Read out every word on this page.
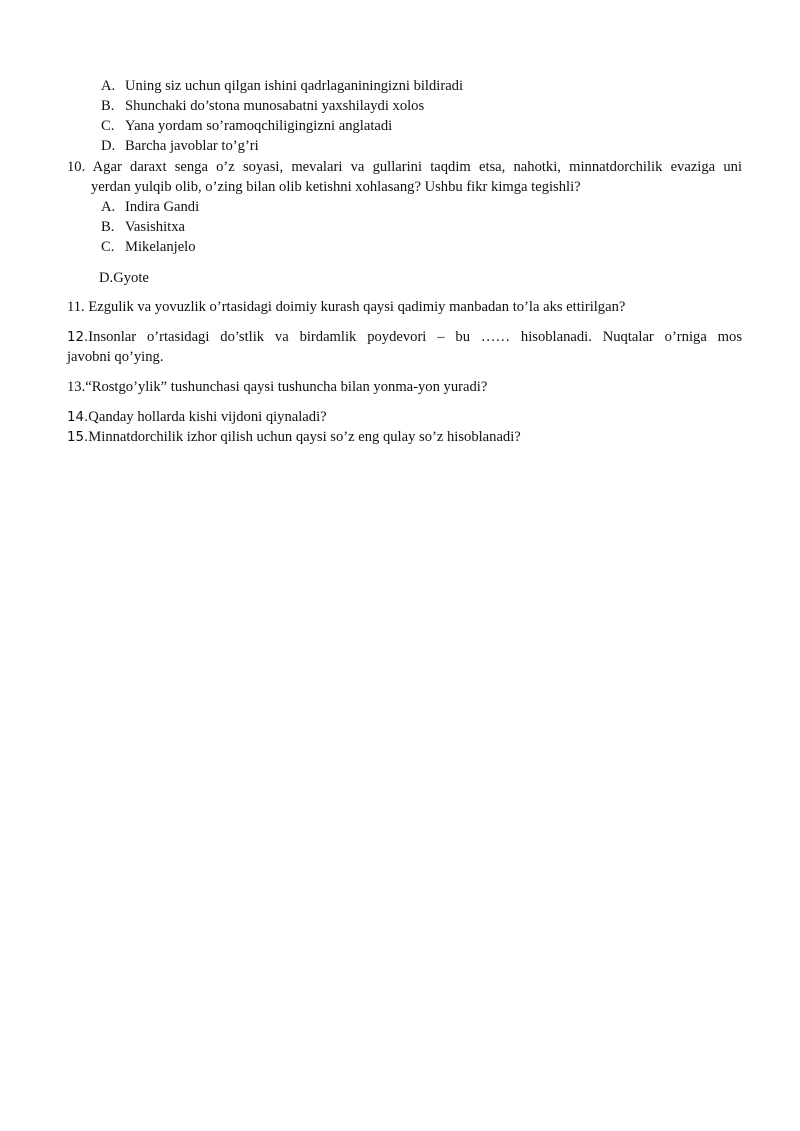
A. Uning siz uchun qilgan ishini qadrlaganiningizni bildiradi
B. Shunchaki do’stona munosabatni yaxshilaydi xolos
C. Yana yordam so’ramoqchiligingizni anglatadi
D. Barcha javoblar to’g’ri
10. Agar daraxt senga o’z soyasi, mevalari va gullarini taqdim etsa, nahotki, minnatdorchilik evaziga uni
yerdan yulqib olib, o’zing bilan olib ketishni xohlasang? Ushbu fikr kimga tegishli?
A. Indira Gandi
B. Vasishitxa
C. Mikelanjelo
D.Gyote
11. Ezgulik va yovuzlik o’rtasidagi doimiy kurash qaysi qadimiy manbadan to’la aks ettirilgan?
12.Insonlar o’rtasidagi do’stlik va birdamlik poydevori – bu …… hisoblanadi. Nuqtalar o’rniga mos
javobni qo’ying.
13.“Rostgo’ylik” tushunchasi qaysi tushuncha bilan yonma-yon yuradi?
14.Qanday hollarda kishi vijdoni qiynaladi?
15.Minnatdorchilik izhor qilish uchun qaysi so’z eng qulay so’z hisoblanadi?
